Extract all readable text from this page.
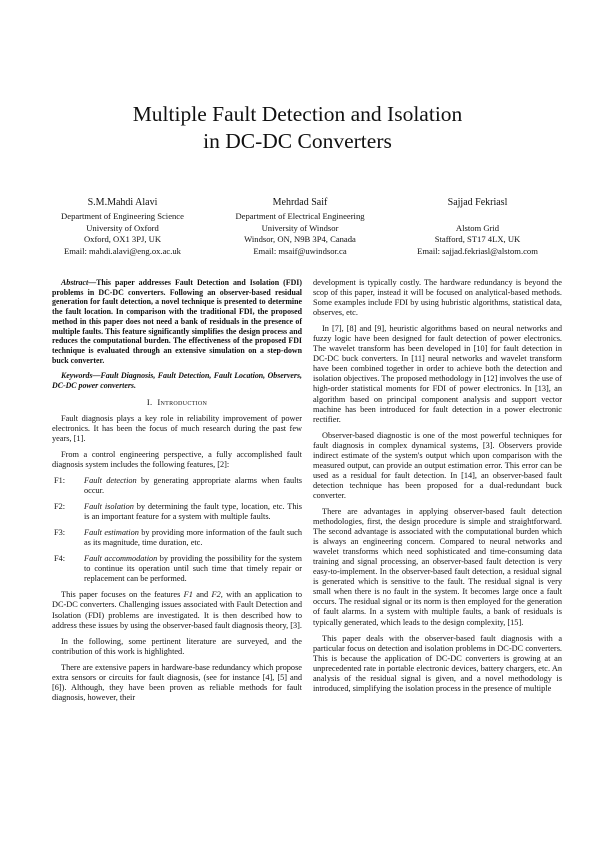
Multiple Fault Detection and Isolation
in DC-DC Converters
S.M.Mahdi Alavi
Department of Engineering Science
University of Oxford
Oxford, OX1 3PJ, UK
Email: mahdi.alavi@eng.ox.ac.uk
Mehrdad Saif
Department of Electrical Engineering
University of Windsor
Windsor, ON, N9B 3P4, Canada
Email: msaif@uwindsor.ca
Sajjad Fekriasl
Alstom Grid
Stafford, ST17 4LX, UK
Email: sajjad.fekriasl@alstom.com

Abstract—This paper addresses Fault Detection and Isolation (FDI) problems in DC-DC converters. Following an observer-based residual generation for fault detection, a novel technique is presented to determine the fault location. In comparison with the traditional FDI, the proposed method in this paper does not need a bank of residuals in the presence of multiple faults. This feature significantly simplifies the design process and reduces the computational burden. The effectiveness of the proposed FDI technique is evaluated through an extensive simulation on a step-down buck converter.

Keywords—Fault Diagnosis, Fault Detection, Fault Location, Observers, DC-DC power converters.

I. Introduction

Fault diagnosis plays a key role in reliability improvement of power electronics. It has been the focus of much research during the past few years, [1].

From a control engineering perspective, a fully accomplished fault diagnosis system includes the following features, [2]:

F1:	Fault detection by generating appropriate alarms when faults occur.
F2:	Fault isolation by determining the fault type, location, etc. This is an important feature for a system with multiple faults.
F3:	Fault estimation by providing more information of the fault such as its magnitude, time duration, etc.
F4:	Fault accommodation by providing the possibility for the system to continue its operation until such time that timely repair or replacement can be performed.

This paper focuses on the features F1 and F2, with an application to DC-DC converters. Challenging issues associated with Fault Detection and Isolation (FDI) problems are investigated. It is then described how to address these issues by using the observer-based fault diagnosis theory, [3].

In the following, some pertinent literature are surveyed, and the contribution of this work is highlighted.

There are extensive papers in hardware-base redundancy which propose extra sensors or circuits for fault diagnosis, (see for instance [4], [5] and [6]). Although, they have been proven as reliable methods for fault diagnosis, however, their

development is typically costly. The hardware redundancy is beyond the scop of this paper, instead it will be focused on analytical-based methods. Some examples include FDI by using hubristic algorithms, statistical data, observes, etc.

In [7], [8] and [9], heuristic algorithms based on neural networks and fuzzy logic have been designed for fault detection of power electronics. The wavelet transform has been developed in [10] for fault detection in DC-DC buck converters. In [11] neural networks and wavelet transform have been combined together in order to achieve both the detection and isolation objectives. The proposed methodology in [12] involves the use of high-order statistical moments for FDI of power electronics. In [13], an algorithm based on principal component analysis and support vector machine has been introduced for fault detection in a power electronic rectifier.

Observer-based diagnostic is one of the most powerful techniques for fault diagnosis in complex dynamical systems, [3]. Observers provide indirect estimate of the system's output which upon comparison with the measured output, can provide an output estimation error. This error can be used as a residual for fault detection. In [14], an observer-based fault detection technique has been proposed for a dual-redundant buck converter.

There are advantages in applying observer-based fault detection methodologies, first, the design procedure is simple and straightforward. The second advantage is associated with the computational burden which is always an engineering concern. Compared to neural networks and wavelet transforms which need sophisticated and time-consuming data training and signal processing, an observer-based fault detection is very easy-to-implement. In the observer-based fault detection, a residual signal is generated which is sensitive to the fault. The residual signal is very small when there is no fault in the system. It becomes large once a fault occurs. The residual signal or its norm is then employed for the generation of fault alarms. In a system with multiple faults, a bank of residuals is typically generated, which leads to the design complexity, [15].

This paper deals with the observer-based fault diagnosis with a particular focus on detection and isolation problems in DC-DC converters. This is because the application of DC-DC converters is growing at an unprecedented rate in portable electronic devices, battery chargers, etc. An analysis of the residual signal is given, and a novel methodology is introduced, simplifying the isolation process in the presence of multiple
